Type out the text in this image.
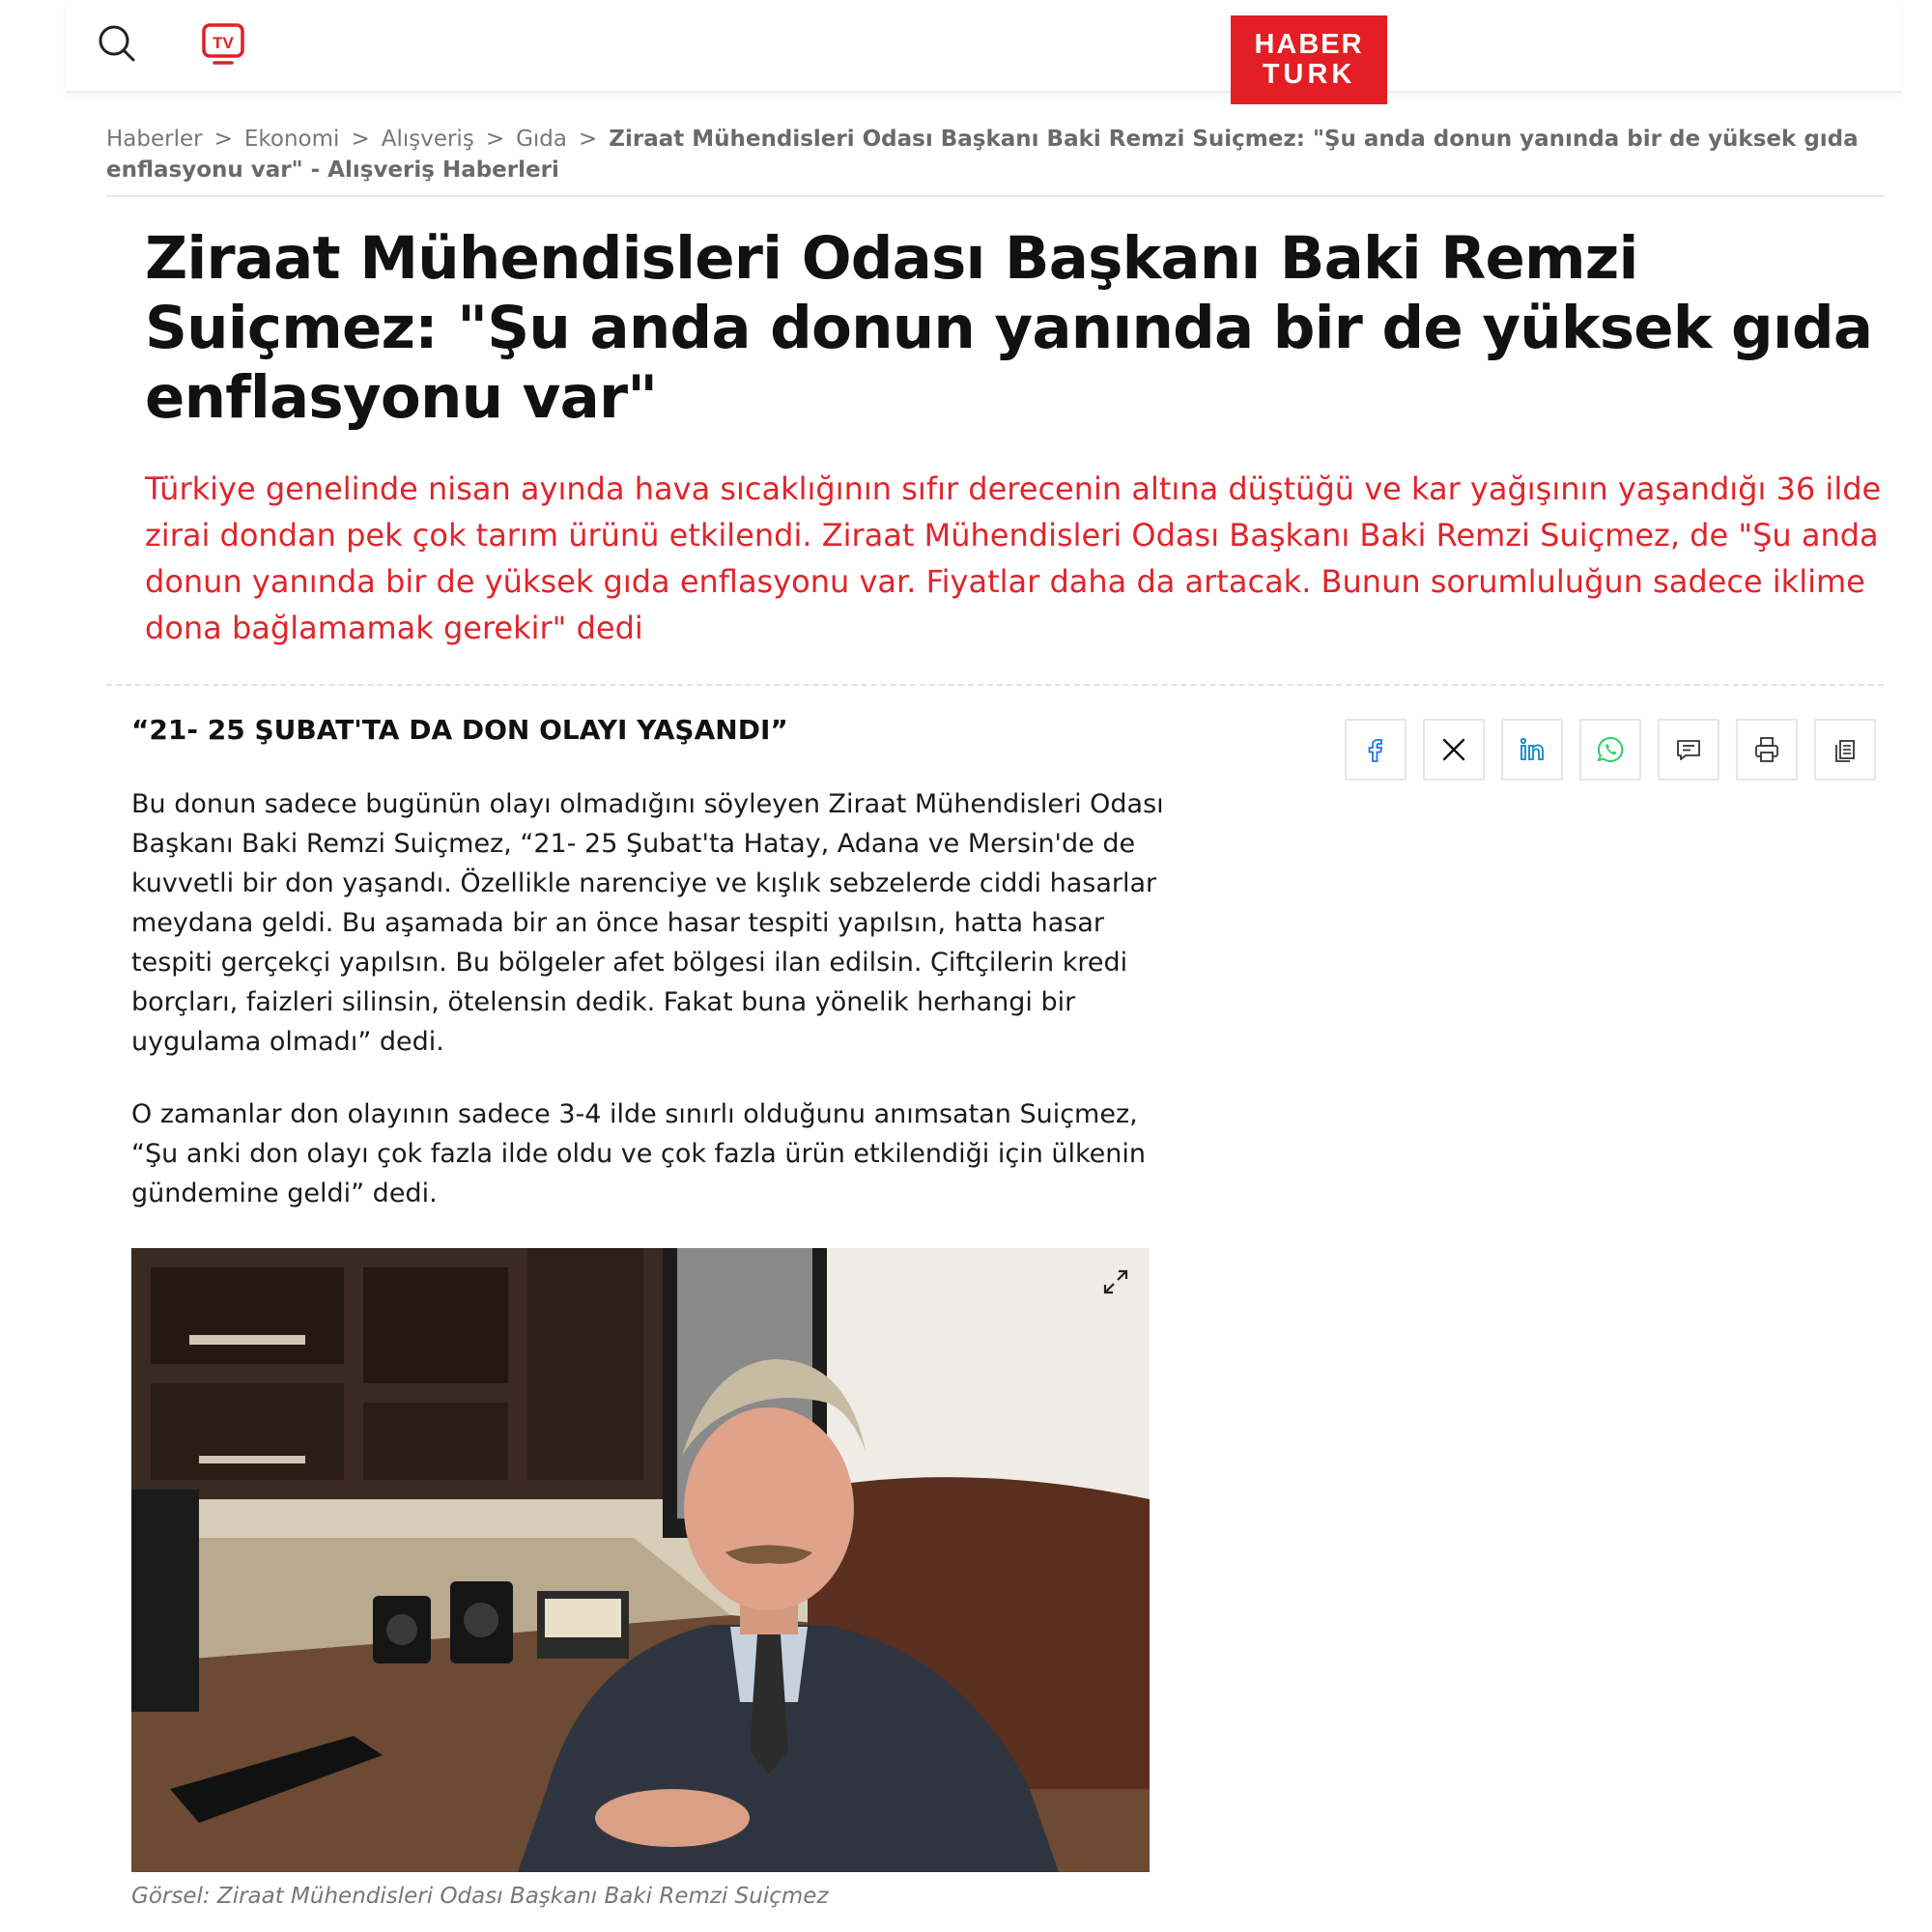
TV	HABER
TURK
Haberler > Ekonomi > Alışveriş > Gıda > Ziraat Mühendisleri Odası Başkanı Baki Remzi Suiçmez: "Şu anda donun yanında bir de yüksek gıda enflasyonu var" - Alışveriş Haberleri
Ziraat Mühendisleri Odası Başkanı Baki Remzi Suiçmez: "Şu anda donun yanında bir de yüksek gıda enflasyonu var"

Türkiye genelinde nisan ayında hava sıcaklığının sıfır derecenin altına düştüğü ve kar yağışının yaşandığı 36 ilde zirai dondan pek çok tarım ürünü etkilendi. Ziraat Mühendisleri Odası Başkanı Baki Remzi Suiçmez, de "Şu anda donun yanında bir de yüksek gıda enflasyonu var. Fiyatlar daha da artacak. Bunun sorumluluğun sadece iklime dona bağlamamak gerekir" dedi

“21- 25 ŞUBAT'TA DA DON OLAYI YAŞANDI”

Bu donun sadece bugünün olayı olmadığını söyleyen Ziraat Mühendisleri Odası Başkanı Baki Remzi Suiçmez, “21- 25 Şubat'ta Hatay, Adana ve Mersin'de de kuvvetli bir don yaşandı. Özellikle narenciye ve kışlık sebzelerde ciddi hasarlar meydana geldi. Bu aşamada bir an önce hasar tespiti yapılsın, hatta hasar tespiti gerçekçi yapılsın. Bu bölgeler afet bölgesi ilan edilsin. Çiftçilerin kredi borçları, faizleri silinsin, ötelensin dedik. Fakat buna yönelik herhangi bir uygulama olmadı” dedi.

O zamanlar don olayının sadece 3-4 ilde sınırlı olduğunu anımsatan Suiçmez, “Şu anki don olayı çok fazla ilde oldu ve çok fazla ürün etkilendiği için ülkenin gündemine geldi” dedi.

Görsel: Ziraat Mühendisleri Odası Başkanı Baki Remzi Suiçmez
